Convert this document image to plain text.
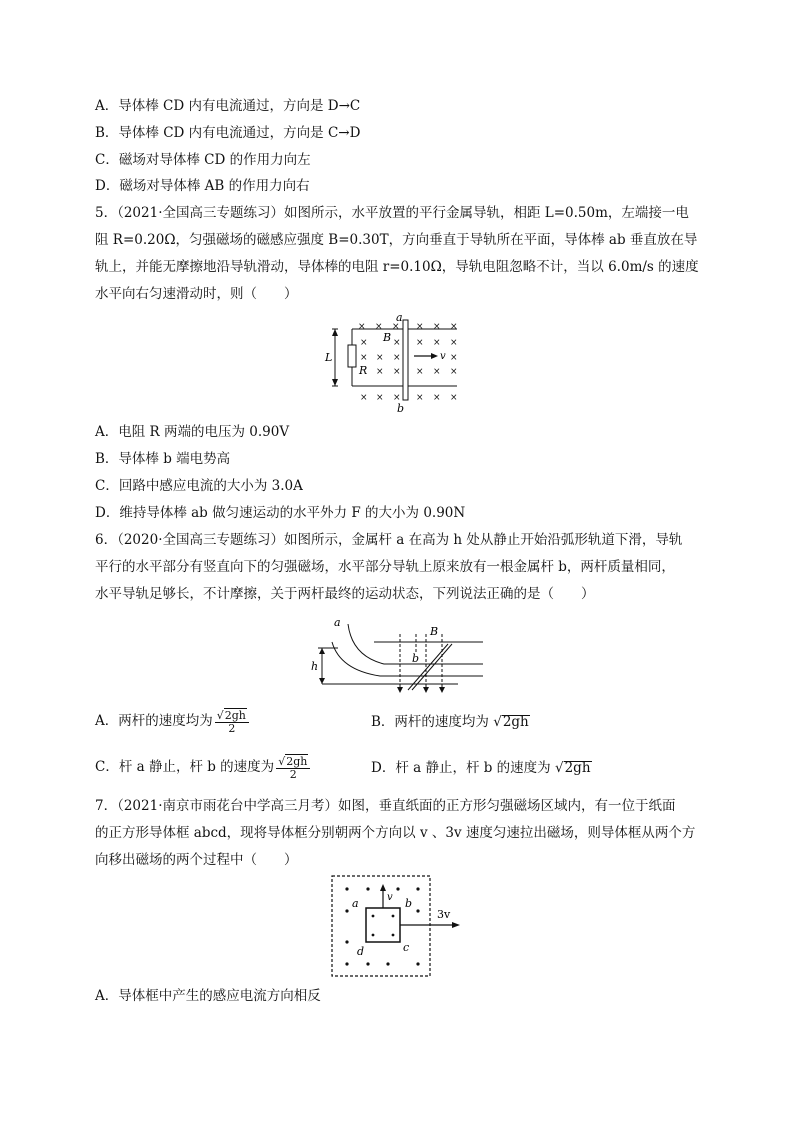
A．导体棒 CD 内有电流通过，方向是 D→C
B．导体棒 CD 内有电流通过，方向是 C→D
C．磁场对导体棒 CD 的作用力向左
D．磁场对导体棒 AB 的作用力向右
5．（2021·全国高三专题练习）如图所示，水平放置的平行金属导轨，相距 L=0.50m，左端接一电
阻 R=0.20Ω，匀强磁场的磁感应强度 B=0.30T，方向垂直于导轨所在平面，导体棒 ab 垂直放在导
轨上，并能无摩擦地沿导轨滑动，导体棒的电阻 r=0.10Ω，导轨电阻忽略不计，当以 6.0m/s 的速度
水平向右匀速滑动时，则（　　）
× × × × × ×
×	× × × ×
× × ×	×
× × × × ×
× × × × × ×
a
b
B
L
R
v
A．电阻 R 两端的电压为 0.90V
B．导体棒 b 端电势高
C．回路中感应电流的大小为 3.0A
D．维持导体棒 ab 做匀速运动的水平外力 F 的大小为 0.90N
6．（2020·全国高三专题练习）如图所示，金属杆 a 在高为 h 处从静止开始沿弧形轨道下滑，导轨
平行的水平部分有竖直向下的匀强磁场，水平部分导轨上原来放有一根金属杆 b，两杆质量相同，
水平导轨足够长，不计摩擦，关于两杆最终的运动状态，下列说法正确的是（　　）
a
b
B
h
A．两杆的速度均为 $\frac{√2gh}{2}$	B．两杆的速度均为 √2gh
C．杆 a 静止，杆 b 的速度为 $\frac{√2gh}{2}$	D．杆 a 静止，杆 b 的速度为 √2gh
7．（2021·南京市雨花台中学高三月考）如图，垂直纸面的正方形匀强磁场区域内，有一位于纸面
的正方形导体框 abcd，现将导体框分别朝两个方向以 v 、3v 速度匀速拉出磁场，则导体框从两个方
向移出磁场的两个过程中（　　）
a	b
c
d
v
3v
A．导体框中产生的感应电流方向相反
